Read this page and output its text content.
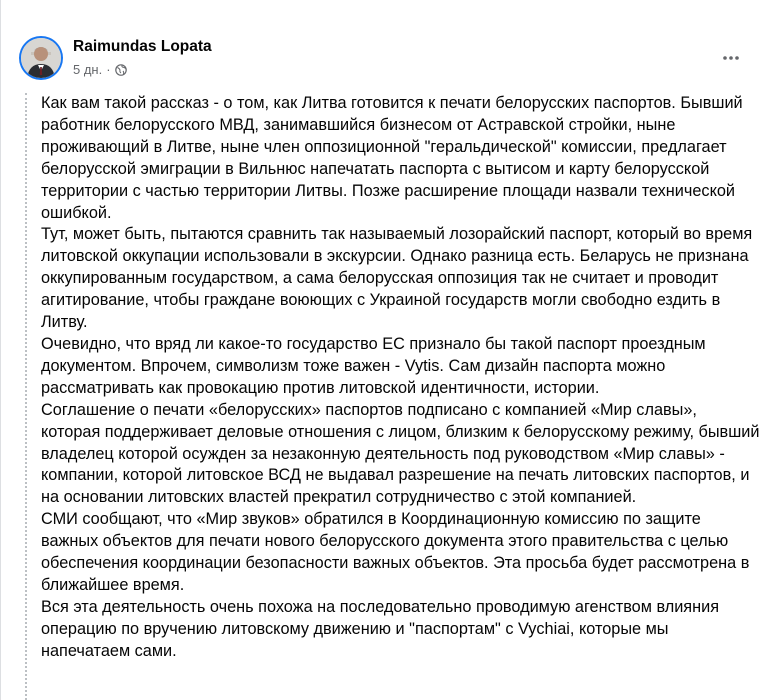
Raimundas Lopata
5 дн. ·

Как вам такой рассказ - о том, как Литва готовится к печати белорусских паспортов. Бывший работник белорусского МВД, занимавшийся бизнесом от Астравской стройки, ныне проживающий в Литве, ныне член оппозиционной "геральдической" комиссии, предлагает белорусской эмиграции в Вильнюс напечатать паспорта с вытисом и карту белорусской территории с частью территории Литвы. Позже расширение площади назвали технической ошибкой.

Тут, может быть, пытаются сравнить так называемый лозорайский паспорт, который во время литовской оккупации использовали в экскурсии. Однако разница есть. Беларусь не признана оккупированным государством, а сама белорусская оппозиция так не считает и проводит агитирование, чтобы граждане воюющих с Украиной государств могли свободно ездить в Литву.

Очевидно, что вряд ли какое-то государство ЕС признало бы такой паспорт проездным документом. Впрочем, символизм тоже важен - Vytis. Сам дизайн паспорта можно рассматривать как провокацию против литовской идентичности, истории.

Соглашение о печати «белорусских» паспортов подписано с компанией «Мир славы», которая поддерживает деловые отношения с лицом, близким к белорусскому режиму, бывший владелец которой осужден за незаконную деятельность под руководством «Мир славы» - компании, которой литовское ВСД не выдавал разрешение на печать литовских паспортов, и на основании литовских властей прекратил сотрудничество с этой компанией.

СМИ сообщают, что «Мир звуков» обратился в Координационную комиссию по защите важных объектов для печати нового белорусского документа этого правительства с целью обеспечения координации безопасности важных объектов. Эта просьба будет рассмотрена в ближайшее время.

Вся эта деятельность очень похожа на последовательно проводимую агенством влияния операцию по вручению литовскому движению и "паспортам" с Vychiai, которые мы напечатаем сами.
